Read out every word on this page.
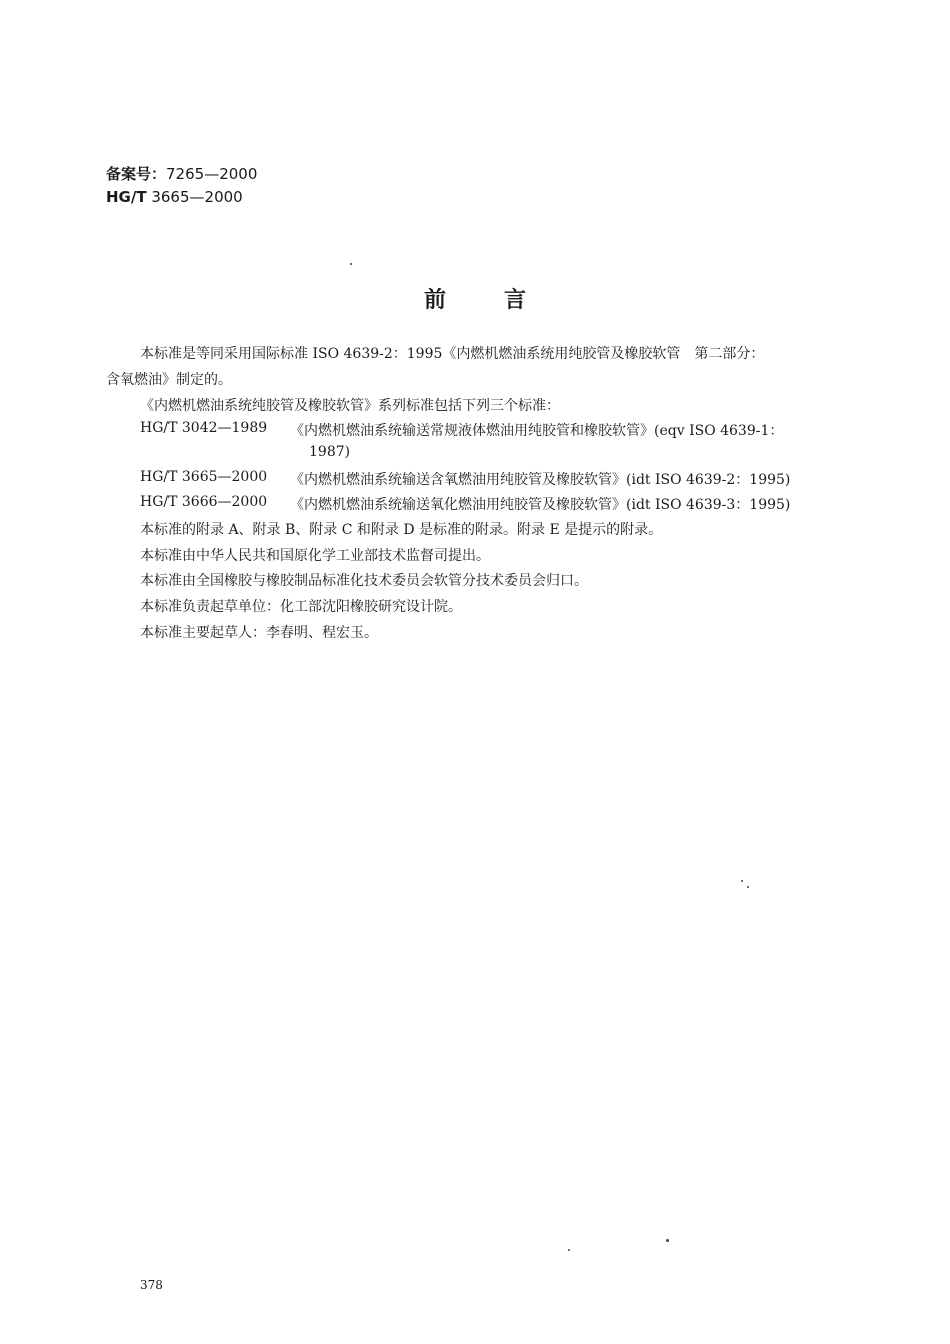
备案号：7265—2000
HG/T 3665—2000
前言
本标准是等同采用国际标准 ISO 4639-2：1995《内燃机燃油系统用纯胶管及橡胶软管　第二部分：
含氧燃油》制定的。
《内燃机燃油系统纯胶管及橡胶软管》系列标准包括下列三个标准：
HG/T 3042—1989 《内燃机燃油系统输送常规液体燃油用纯胶管和橡胶软管》(eqv ISO 4639-1：
1987)
HG/T 3665—2000 《内燃机燃油系统输送含氧燃油用纯胶管及橡胶软管》(idt ISO 4639-2：1995)
HG/T 3666—2000 《内燃机燃油系统输送氧化燃油用纯胶管及橡胶软管》(idt ISO 4639-3：1995)
本标准的附录 A、附录 B、附录 C 和附录 D 是标准的附录。附录 E 是提示的附录。
本标准由中华人民共和国原化学工业部技术监督司提出。
本标准由全国橡胶与橡胶制品标准化技术委员会软管分技术委员会归口。
本标准负责起草单位：化工部沈阳橡胶研究设计院。
本标准主要起草人：李春明、程宏玉。
378
